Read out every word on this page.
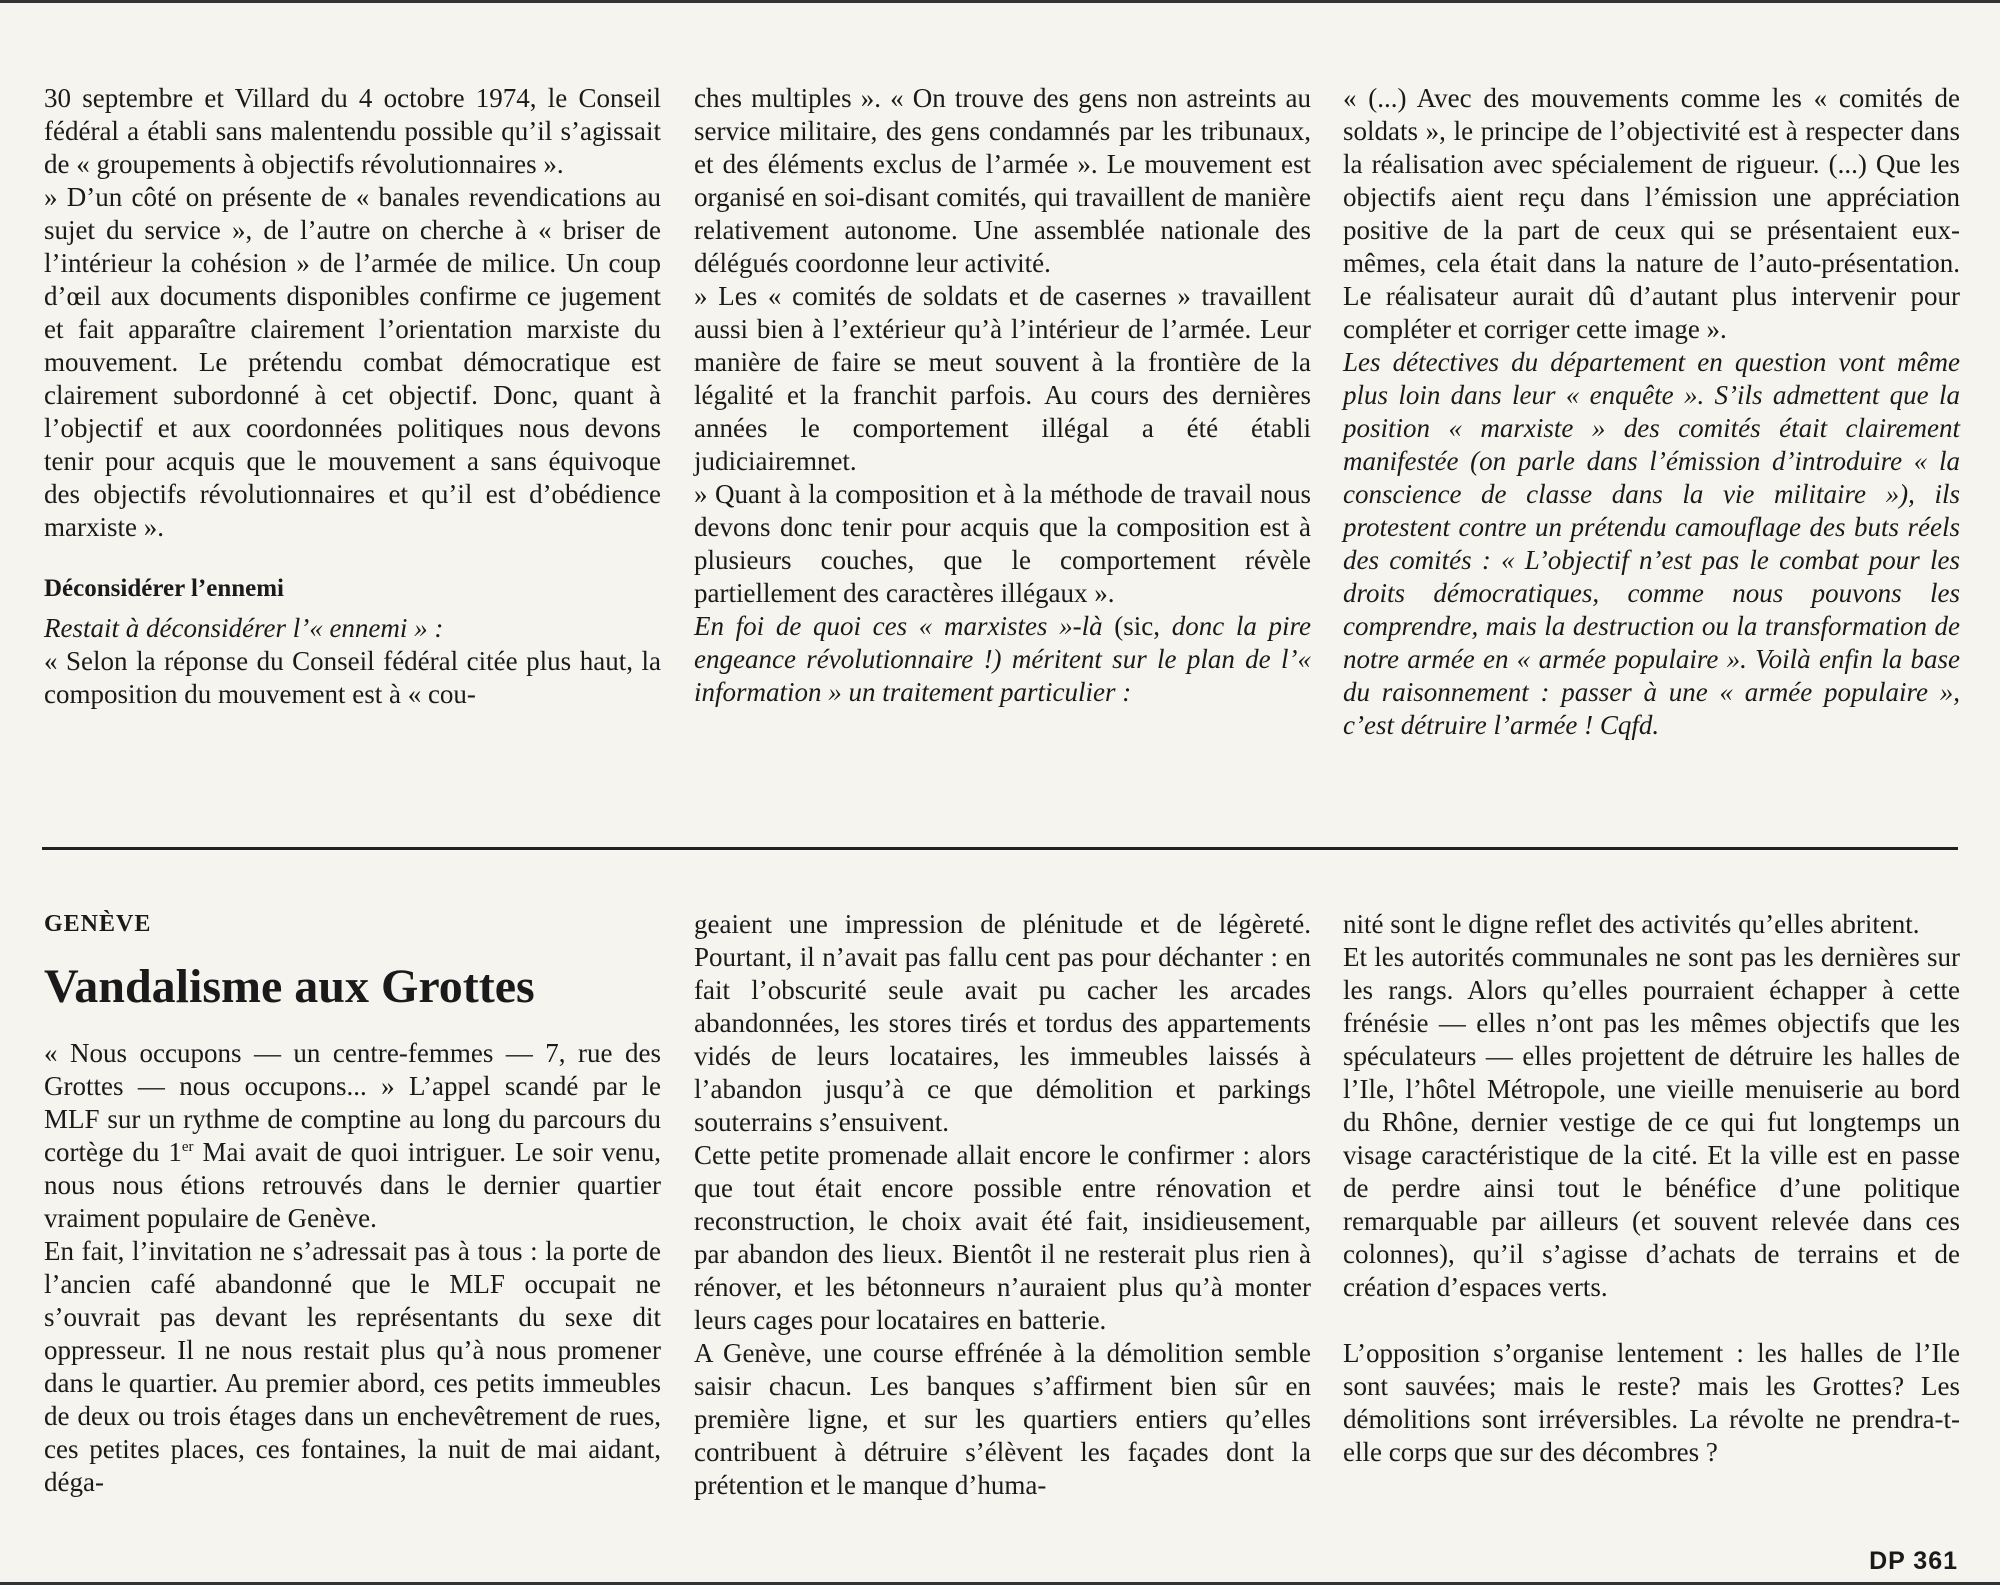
30 septembre et Villard du 4 octobre 1974, le Conseil fédéral a établi sans malentendu possible qu’il s’agissait de « groupements à objectifs révolutionnaires ».

» D’un côté on présente de « banales revendications au sujet du service », de l’autre on cherche à « briser de l’intérieur la cohésion » de l’armée de milice. Un coup d’œil aux documents disponibles confirme ce jugement et fait apparaître clairement l’orientation marxiste du mouvement. Le prétendu combat démocratique est clairement subordonné à cet objectif. Donc, quant à l’objectif et aux coordonnées politiques nous devons tenir pour acquis que le mouvement a sans équivoque des objectifs révolutionnaires et qu’il est d’obédience marxiste ».

Déconsidérer l’ennemi

Restait à déconsidérer l’« ennemi » :

« Selon la réponse du Conseil fédéral citée plus haut, la composition du mouvement est à « cou-

ches multiples ». « On trouve des gens non astreints au service militaire, des gens condamnés par les tribunaux, et des éléments exclus de l’armée ». Le mouvement est organisé en soi-disant comités, qui travaillent de manière relativement autonome. Une assemblée nationale des délégués coordonne leur activité.

» Les « comités de soldats et de casernes » travaillent aussi bien à l’extérieur qu’à l’intérieur de l’armée. Leur manière de faire se meut souvent à la frontière de la légalité et la franchit parfois. Au cours des dernières années le comportement illégal a été établi judiciairemnet.

» Quant à la composition et à la méthode de travail nous devons donc tenir pour acquis que la composition est à plusieurs couches, que le comportement révèle partiellement des caractères illégaux ».

En foi de quoi ces « marxistes »-là (sic, donc la pire engeance révolutionnaire !) méritent sur le plan de l’« information » un traitement particulier :

« (...) Avec des mouvements comme les « comités de soldats », le principe de l’objectivité est à respecter dans la réalisation avec spécialement de rigueur. (...) Que les objectifs aient reçu dans l’émission une appréciation positive de la part de ceux qui se présentaient eux-mêmes, cela était dans la nature de l’auto-présentation. Le réalisateur aurait dû d’autant plus intervenir pour compléter et corriger cette image ».

Les détectives du département en question vont même plus loin dans leur « enquête ». S’ils admettent que la position « marxiste » des comités était clairement manifestée (on parle dans l’émission d’introduire « la conscience de classe dans la vie militaire »), ils protestent contre un prétendu camouflage des buts réels des comités : « L’objectif n’est pas le combat pour les droits démocratiques, comme nous pouvons les comprendre, mais la destruction ou la transformation de notre armée en « armée populaire ». Voilà enfin la base du raisonnement : passer à une « armée populaire », c’est détruire l’armée ! Cqfd.

GENÈVE

Vandalisme aux Grottes

« Nous occupons — un centre-femmes — 7, rue des Grottes — nous occupons... » L’appel scandé par le MLF sur un rythme de comptine au long du parcours du cortège du 1er Mai avait de quoi intriguer. Le soir venu, nous nous étions retrouvés dans le dernier quartier vraiment populaire de Genève.

En fait, l’invitation ne s’adressait pas à tous : la porte de l’ancien café abandonné que le MLF occupait ne s’ouvrait pas devant les représentants du sexe dit oppresseur. Il ne nous restait plus qu’à nous promener dans le quartier. Au premier abord, ces petits immeubles de deux ou trois étages dans un enchevêtrement de rues, ces petites places, ces fontaines, la nuit de mai aidant, déga-

geaient une impression de plénitude et de légèreté. Pourtant, il n’avait pas fallu cent pas pour déchanter : en fait l’obscurité seule avait pu cacher les arcades abandonnées, les stores tirés et tordus des appartements vidés de leurs locataires, les immeubles laissés à l’abandon jusqu’à ce que démolition et parkings souterrains s’ensuivent.

Cette petite promenade allait encore le confirmer : alors que tout était encore possible entre rénovation et reconstruction, le choix avait été fait, insidieusement, par abandon des lieux. Bientôt il ne resterait plus rien à rénover, et les bétonneurs n’auraient plus qu’à monter leurs cages pour locataires en batterie.

A Genève, une course effrénée à la démolition semble saisir chacun. Les banques s’affirment bien sûr en première ligne, et sur les quartiers entiers qu’elles contribuent à détruire s’élèvent les façades dont la prétention et le manque d’huma-

nité sont le digne reflet des activités qu’elles abritent.

Et les autorités communales ne sont pas les dernières sur les rangs. Alors qu’elles pourraient échapper à cette frénésie — elles n’ont pas les mêmes objectifs que les spéculateurs — elles projettent de détruire les halles de l’Ile, l’hôtel Métropole, une vieille menuiserie au bord du Rhône, dernier vestige de ce qui fut longtemps un visage caractéristique de la cité. Et la ville est en passe de perdre ainsi tout le bénéfice d’une politique remarquable par ailleurs (et souvent relevée dans ces colonnes), qu’il s’agisse d’achats de terrains et de création d’espaces verts.

L’opposition s’organise lentement : les halles de l’Ile sont sauvées; mais le reste? mais les Grottes? Les démolitions sont irréversibles. La révolte ne prendra-t-elle corps que sur des décombres ?

DP 361
